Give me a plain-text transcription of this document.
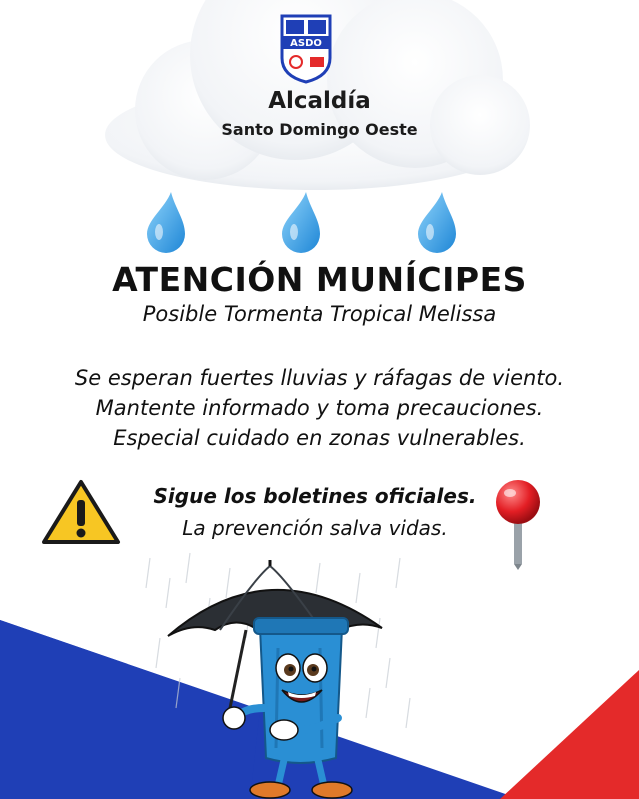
ASDO
Alcaldía
Santo Domingo Oeste
ATENCIÓN MUNÍCIPES
Posible Tormenta Tropical Melissa
Se esperan fuertes lluvias y ráfagas de viento.
Mantente informado y toma precauciones.
Especial cuidado en zonas vulnerables.
Sigue los boletines oficiales.
La prevención salva vidas.
